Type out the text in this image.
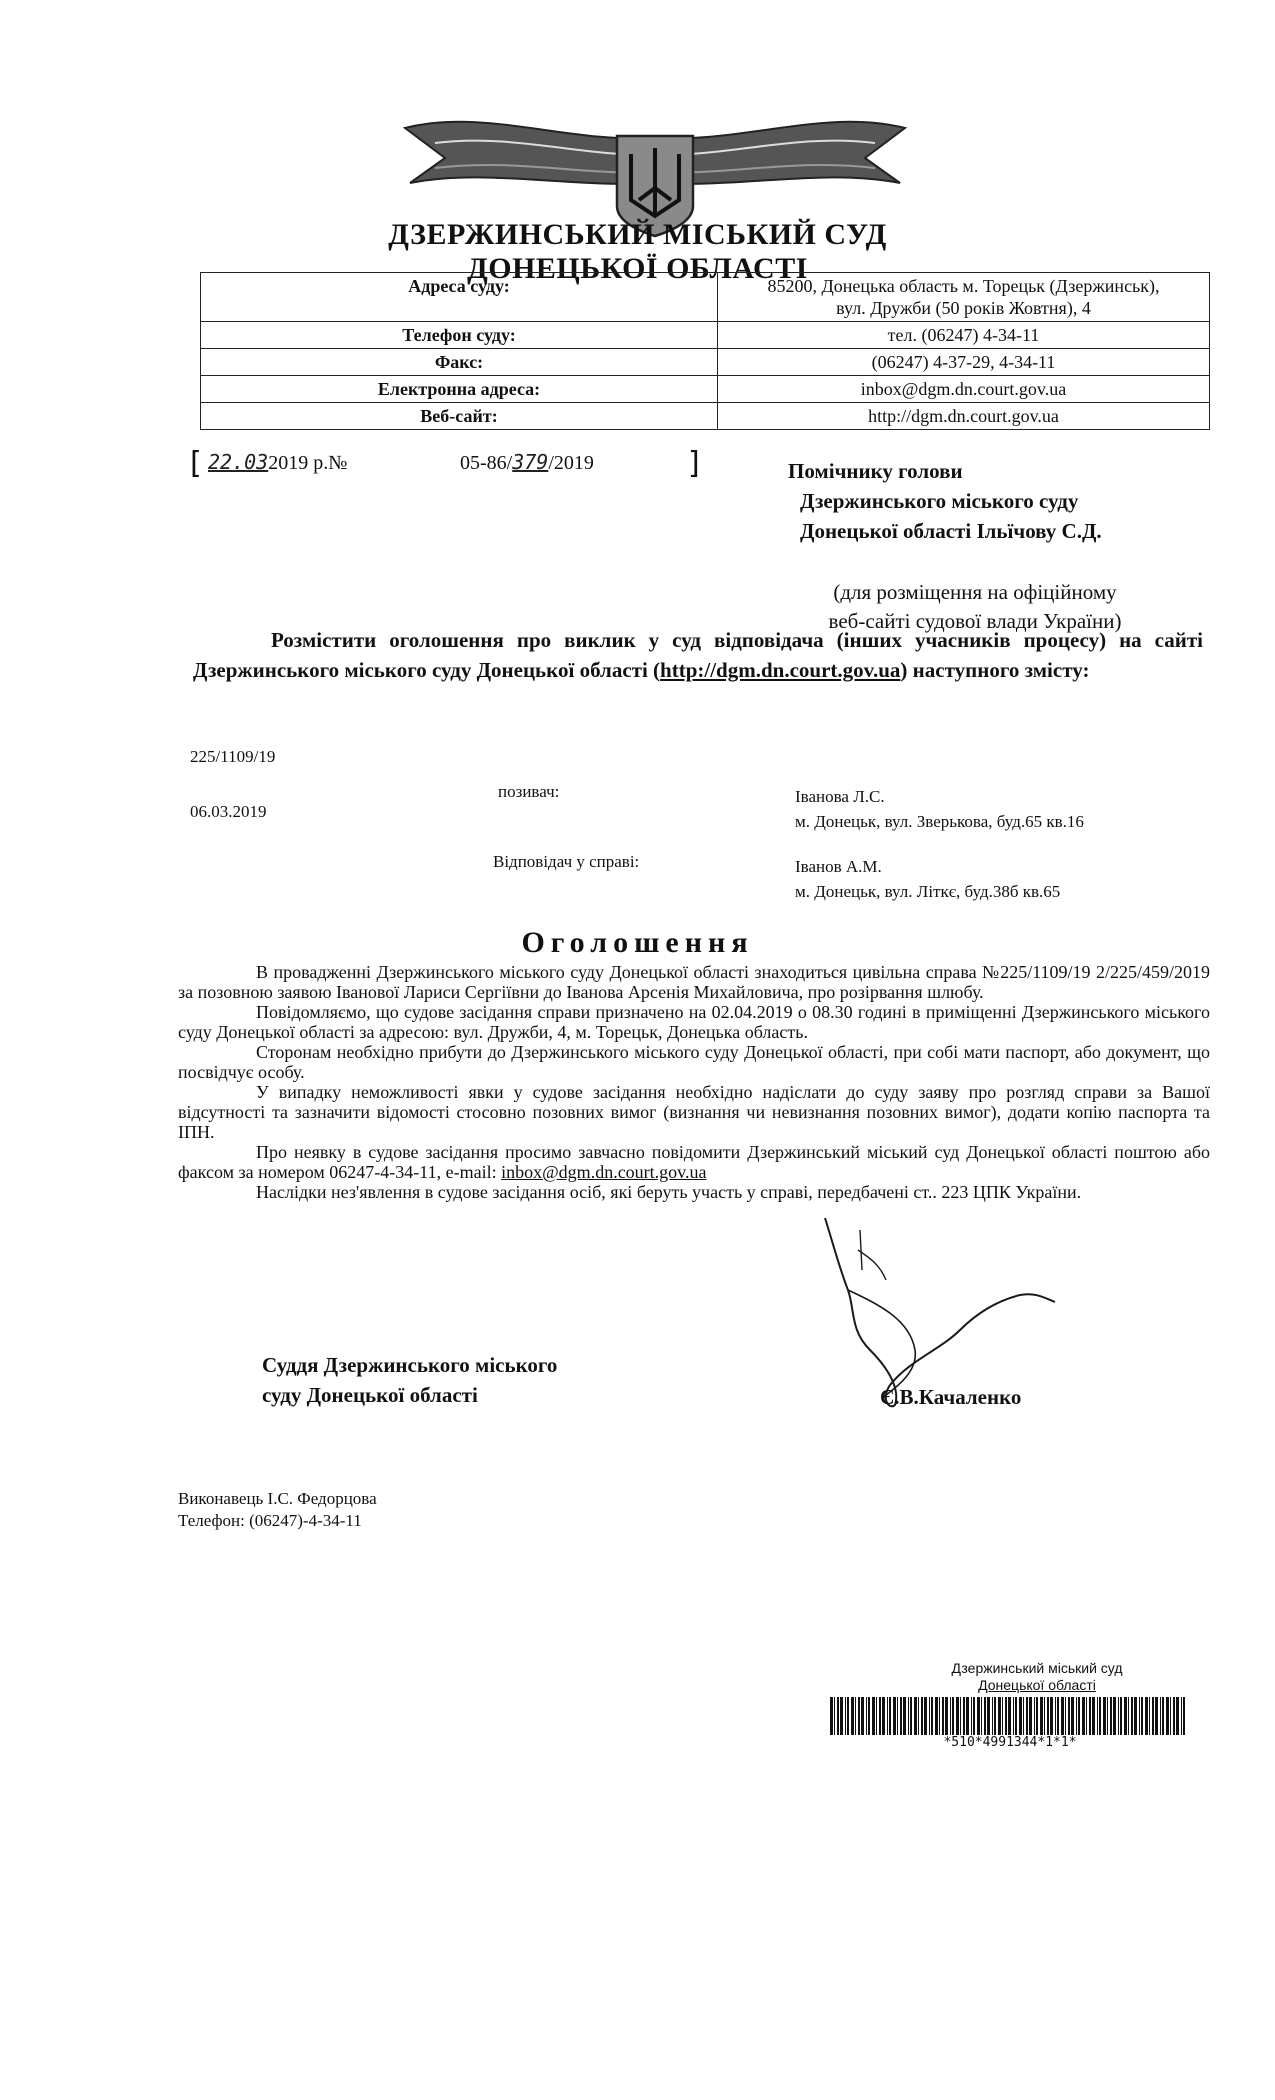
ДЗЕРЖИНСЬКИЙ МІСЬКИЙ СУД
ДОНЕЦЬКОЇ ОБЛАСТІ
Адреса суду:	85200, Донецька область м. Торецьк (Дзержинськ),
вул. Дружби (50 років Жовтня), 4

Телефон суду:	тел. (06247) 4-34-11
Факс:	(06247) 4-37-29, 4-34-11
Електронна адреса:	inbox@dgm.dn.court.gov.ua
Веб-сайт:	http://dgm.dn.court.gov.ua
[ 22.032019 р.№	05-86/379/2019	]	Помічнику голови
Дзержинського міського суду
Донецької області Ільїчову С.Д.
(для розміщення на офіційному
веб-сайті судової влади України)
Розмістити оголошення про виклик у суд відповідача (інших учасників процесу) на сайті Дзержинського міського суду Донецької області (http://dgm.dn.court.gov.ua) наступного змісту:
225/1109/19
06.03.2019
позивач:	Іванова Л.С.
м. Донецьк, вул. Зверькова, буд.65 кв.16
Відповідач у справі:	Іванов А.М.
м. Донецьк, вул. Літкє, буд.38б кв.65
Оголошення

В провадженні Дзержинського міського суду Донецької області знаходиться цивільна справа №225/1109/19 2/225/459/2019 за позовною заявою Іванової Лариси Сергіївни до Іванова Арсенія Михайловича, про розірвання шлюбу.

Повідомляємо, що судове засідання справи призначено на 02.04.2019 о 08.30 годині в приміщенні Дзержинського міського суду Донецької області за адресою: вул. Дружби, 4, м. Торецьк, Донецька область.

Сторонам необхідно прибути до Дзержинського міського суду Донецької області, при собі мати паспорт, або документ, що посвідчує особу.

У випадку неможливості явки у судове засідання необхідно надіслати до суду заяву про розгляд справи за Вашої відсутності та зазначити відомості стосовно позовних вимог (визнання чи невизнання позовних вимог), додати копію паспорта та ІПН.

Про неявку в судове засідання просимо завчасно повідомити Дзержинський міський суд Донецької області поштою або факсом за номером 06247-4-34-11, e-mail: inbox@dgm.dn.court.gov.ua

Наслідки нез'явлення в судове засідання осіб, які беруть участь у справі, передбачені ст.. 223 ЦПК України.

Суддя Дзержинського міського
суду Донецької області	Є.В.Качаленко
Виконавець І.С. Федорцова
Телефон: (06247)-4-34-11
Дзержинський міський суд
Донецької області
*510*4991344*1*1*
